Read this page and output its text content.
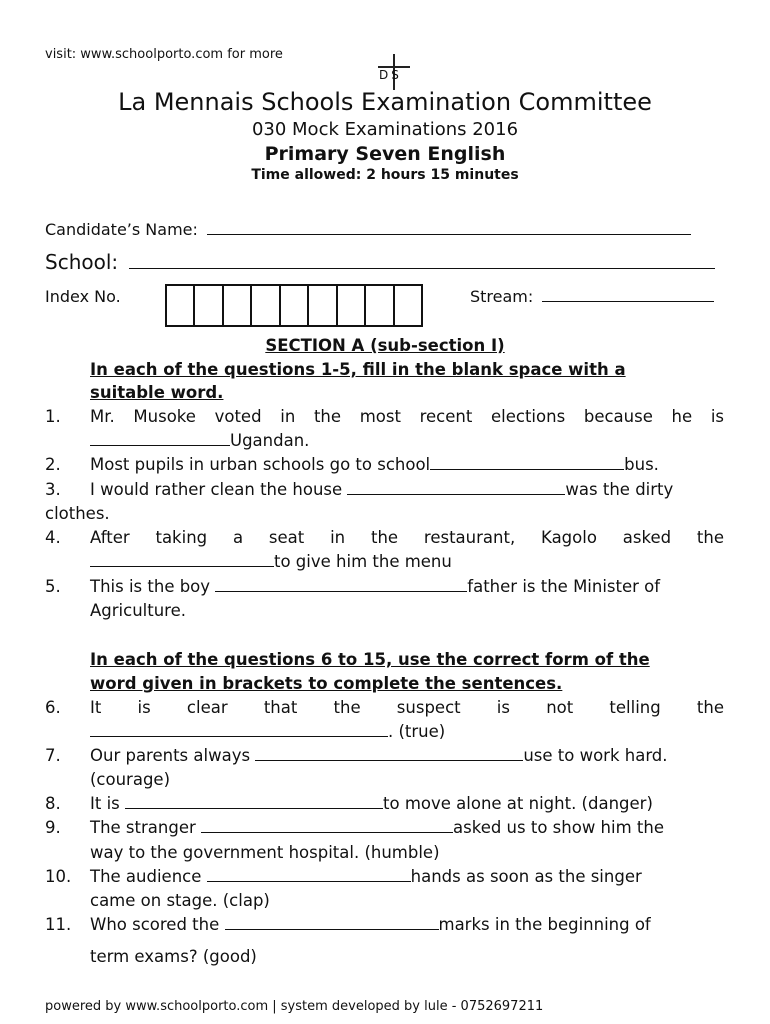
visit: www.schoolporto.com for more
DS
La Mennais Schools Examination Committee
030 Mock Examinations 2016
Primary Seven English
Time allowed: 2 hours 15 minutes
Candidate’s Name:
School:
Index No.	Stream:
SECTION A (sub-section I)
In each of the questions 1-5, fill in the blank space with a
suitable word.
1. Mr. Musoke voted in the most recent elections because he is
Ugandan.
2. Most pupils in urban schools go to school	bus.
3. I would rather clean the house	was the dirty
clothes.
4. After taking a seat in the restaurant, Kagolo asked the
to give him the menu
5. This is the boy	father is the Minister of
Agriculture.
In each of the questions 6 to 15, use the correct form of the
word given in brackets to complete the sentences.
6. It is clear that the suspect is not telling the
. (true)
7. Our parents always	use to work hard.
(courage)
8. It is	to move alone at night. (danger)
9. The stranger	asked us to show him the
way to the government hospital. (humble)
10. The audience	hands as soon as the singer
came on stage. (clap)
11. Who scored the	marks in the beginning of
term exams? (good)
powered by www.schoolporto.com | system developed by lule - 0752697211
